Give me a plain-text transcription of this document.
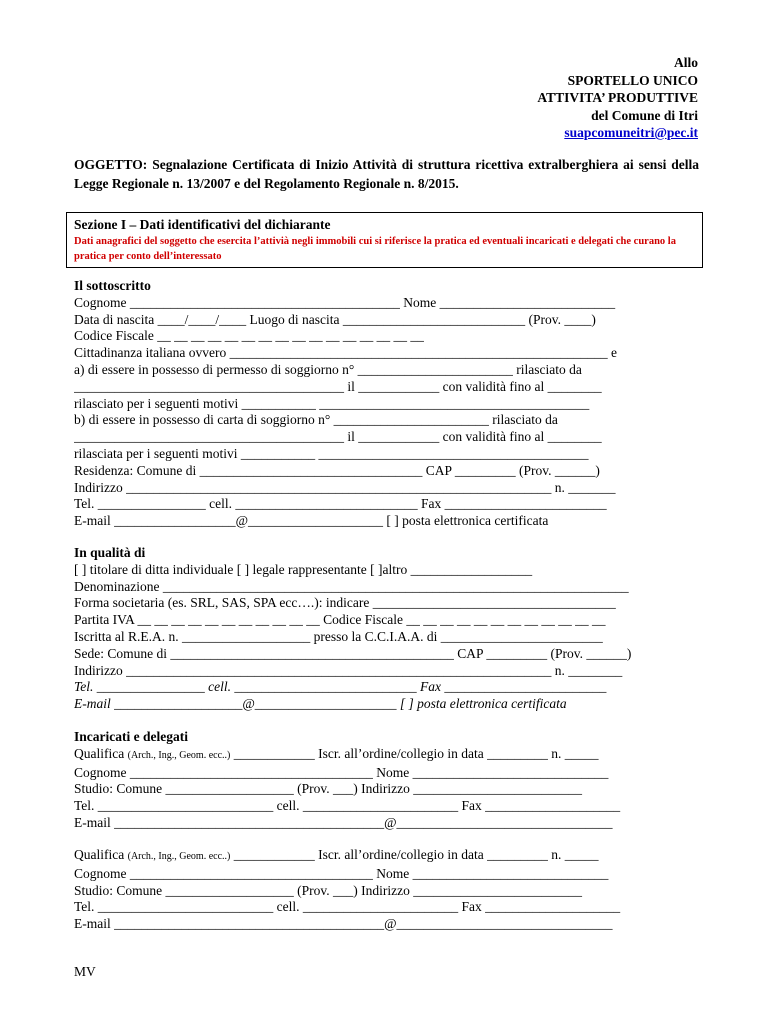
Allo
SPORTELLO UNICO
ATTIVITA’ PRODUTTIVE
del Comune di Itri
suapcomuneitri@pec.it
OGGETTO: Segnalazione Certificata di Inizio Attività di struttura ricettiva extralberghiera ai sensi della Legge Regionale n. 13/2007 e del Regolamento Regionale n. 8/2015.
Sezione I – Dati identificativi del dichiarante
Dati anagrafici del soggetto che esercita l’attivià negli immobili cui si riferisce la pratica ed eventuali incaricati e delegati che curano la pratica per conto dell’interessato
Il sottoscritto
Cognome ________________________________________ Nome __________________________
Data di nascita ____/____/____ Luogo di nascita ___________________________ (Prov. ____)
Codice Fiscale __ __ __ __ __ __ __ __ __ __ __ __ __ __ __ __
Cittadinanza italiana ovvero ________________________________________________________ e
a) di essere in possesso di permesso di soggiorno n° _______________________ rilasciato da
________________________________________ il ____________ con validità fino al ________
rilasciato per i seguenti motivi ___________ ________________________________________
b) di essere in possesso di carta di soggiorno n° _______________________ rilasciato da
________________________________________ il ____________ con validità fino al ________
rilasciata per i seguenti motivi ___________ ________________________________________
Residenza: Comune di _________________________________ CAP _________ (Prov. ______)
Indirizzo _______________________________________________________________ n. _______
Tel. ________________ cell. ___________________________ Fax ________________________
E-mail __________________@____________________ [ ] posta elettronica certificata
In qualità di
[ ] titolare di ditta individuale [ ] legale rappresentante [ ]altro __________________
Denominazione _____________________________________________________________________
Forma societaria (es. SRL, SAS, SPA ecc….): indicare ____________________________________
Partita IVA __ __ __ __ __ __ __ __ __ __ __ Codice Fiscale __ __ __ __ __ __ __ __ __ __ __ __
Iscritta al R.E.A. n. ___________________ presso la C.C.I.A.A. di ________________________
Sede: Comune di __________________________________________ CAP _________ (Prov. ______)
Indirizzo _______________________________________________________________ n. ________
Tel. ________________ cell. ___________________________ Fax ________________________
E-mail ___________________@_____________________ [ ] posta elettronica certificata
Incaricati e delegati
Qualifica (Arch., Ing., Geom. ecc..) ____________ Iscr. all’ordine/collegio in data _________ n. _____
Cognome ____________________________________ Nome _____________________________
Studio: Comune ___________________ (Prov. ___) Indirizzo _________________________
Tel. __________________________ cell. _______________________ Fax ____________________
E-mail ________________________________________@________________________________
Qualifica (Arch., Ing., Geom. ecc..) ____________ Iscr. all’ordine/collegio in data _________ n. _____
Cognome ____________________________________ Nome _____________________________
Studio: Comune ___________________ (Prov. ___) Indirizzo _________________________
Tel. __________________________ cell. _______________________ Fax ____________________
E-mail ________________________________________@________________________________
MV
